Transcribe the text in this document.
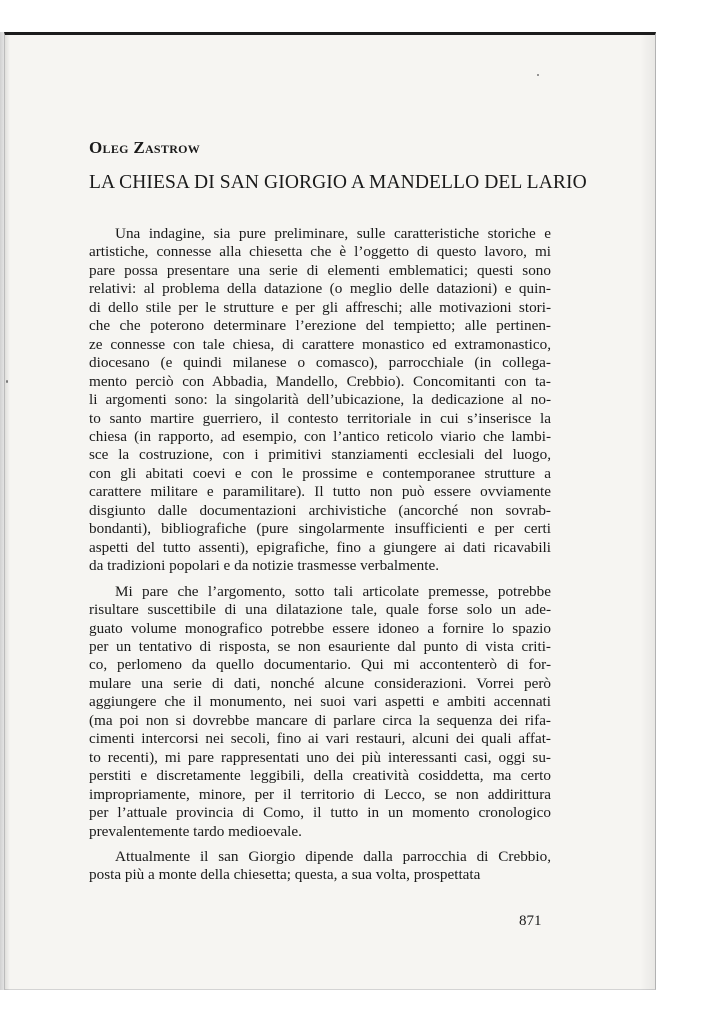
Oleg Zastrow
LA CHIESA DI SAN GIORGIO A MANDELLO DEL LARIO
Una indagine, sia pure preliminare, sulle caratteristiche storiche e
artistiche, connesse alla chiesetta che è l’oggetto di questo lavoro, mi
pare possa presentare una serie di elementi emblematici; questi sono
relativi: al problema della datazione (o meglio delle datazioni) e quin-
di dello stile per le strutture e per gli affreschi; alle motivazioni stori-
che che poterono determinare l’erezione del tempietto; alle pertinen-
ze connesse con tale chiesa, di carattere monastico ed extramonastico,
diocesano (e quindi milanese o comasco), parrocchiale (in collega-
mento perciò con Abbadia, Mandello, Crebbio). Concomitanti con ta-
li argomenti sono: la singolarità dell’ubicazione, la dedicazione al no-
to santo martire guerriero, il contesto territoriale in cui s’inserisce la
chiesa (in rapporto, ad esempio, con l’antico reticolo viario che lambi-
sce la costruzione, con i primitivi stanziamenti ecclesiali del luogo,
con gli abitati coevi e con le prossime e contemporanee strutture a
carattere militare e paramilitare). Il tutto non può essere ovviamente
disgiunto dalle documentazioni archivistiche (ancorché non sovrab-
bondanti), bibliografiche (pure singolarmente insufficienti e per certi
aspetti del tutto assenti), epigrafiche, fino a giungere ai dati ricavabili
da tradizioni popolari e da notizie trasmesse verbalmente.
Mi pare che l’argomento, sotto tali articolate premesse, potrebbe
risultare suscettibile di una dilatazione tale, quale forse solo un ade-
guato volume monografico potrebbe essere idoneo a fornire lo spazio
per un tentativo di risposta, se non esauriente dal punto di vista criti-
co, perlomeno da quello documentario. Qui mi accontenterò di for-
mulare una serie di dati, nonché alcune considerazioni. Vorrei però
aggiungere che il monumento, nei suoi vari aspetti e ambiti accennati
(ma poi non si dovrebbe mancare di parlare circa la sequenza dei rifa-
cimenti intercorsi nei secoli, fino ai vari restauri, alcuni dei quali affat-
to recenti), mi pare rappresentati uno dei più interessanti casi, oggi su-
perstiti e discretamente leggibili, della creatività cosiddetta, ma certo
impropriamente, minore, per il territorio di Lecco, se non addirittura
per l’attuale provincia di Como, il tutto in un momento cronologico
prevalentemente tardo medioevale.
Attualmente il san Giorgio dipende dalla parrocchia di Crebbio,
posta più a monte della chiesetta; questa, a sua volta, prospettata

871
